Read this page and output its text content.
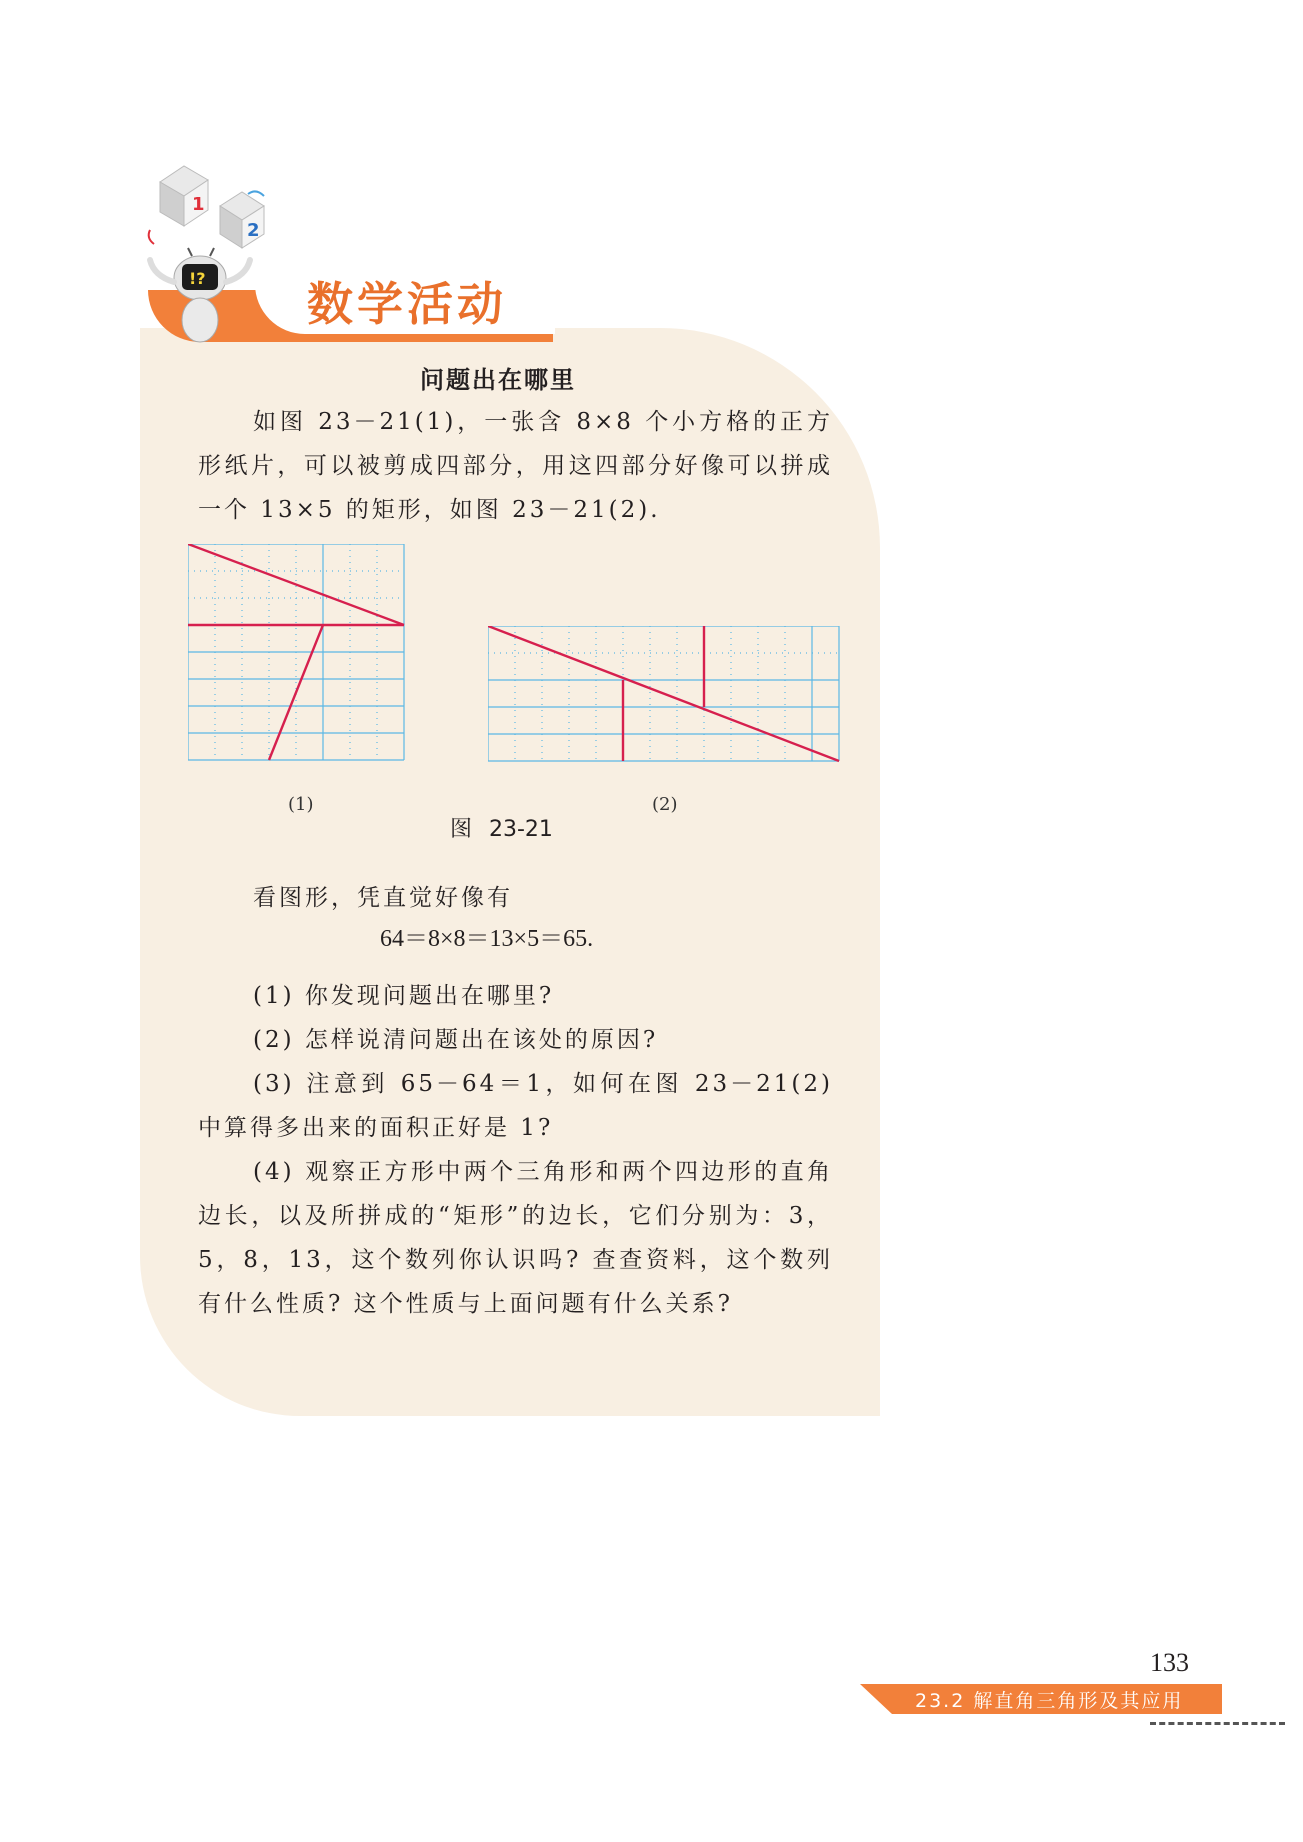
1
2
!? 数学活动
问题出在哪里

如图 23－21(1)，一张含 8×8 个小方格的正方形纸片，可以被剪成四部分，用这四部分好像可以拼成一个 13×5 的矩形，如图 23－21(2).

(1)	(2)
图 23-21
看图形，凭直觉好像有
64＝8×8＝13×5＝65.

(1) 你发现问题出在哪里?

(2) 怎样说清问题出在该处的原因?

(3) 注意到 65－64＝1，如何在图 23－21(2) 中算得多出来的面积正好是 1?

(4) 观察正方形中两个三角形和两个四边形的直角边长，以及所拼成的“矩形”的边长，它们分别为：3，5，8，13，这个数列你认识吗? 查查资料，这个数列有什么性质? 这个性质与上面问题有什么关系?

133
23.2 解直角三角形及其应用
